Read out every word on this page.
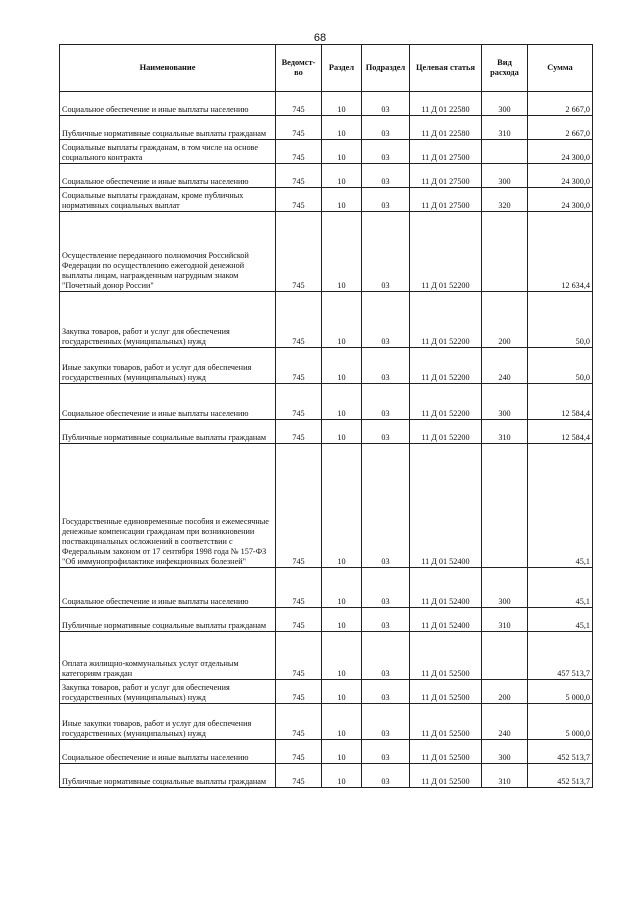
68
Наименование	Ведомст-во	Раздел	Подраздел	Целевая статья	Вид расхода	Сумма
Социальное обеспечение и иные выплаты населению	745	10	03	11 Д 01 22580	300	2 667,0
Публичные нормативные социальные выплаты гражданам	745	10	03	11 Д 01 22580	310	2 667,0
Социальные выплаты гражданам, в том числе на основе социального контракта	745	10	03	11 Д 01 27500		24 300,0
Социальное обеспечение и иные выплаты населению	745	10	03	11 Д 01 27500	300	24 300,0
Социальные выплаты гражданам, кроме публичных нормативных социальных выплат	745	10	03	11 Д 01 27500	320	24 300,0
Осуществление переданного полномочия Российской Федерации по осуществлению ежегодной денежной выплаты лицам, награжденным нагрудным знаком "Почетный донор России"	745	10	03	11 Д 01 52200		12 634,4
Закупка товаров, работ и услуг для обеспечения государственных (муниципальных) нужд	745	10	03	11 Д 01 52200	200	50,0
Иные закупки товаров, работ и услуг для обеспечения государственных (муниципальных) нужд	745	10	03	11 Д 01 52200	240	50,0
Социальное обеспечение и иные выплаты населению	745	10	03	11 Д 01 52200	300	12 584,4
Публичные нормативные социальные выплаты гражданам	745	10	03	11 Д 01 52200	310	12 584,4
Государственные единовременные пособия и ежемесячные денежные компенсации гражданам при возникновении поствакцинальных осложнений в соответствии с Федеральным законом от 17 сентября 1998 года № 157-ФЗ "Об иммунопрофилактике инфекционных болезней"	745	10	03	11 Д 01 52400		45,1
Социальное обеспечение и иные выплаты населению	745	10	03	11 Д 01 52400	300	45,1
Публичные нормативные социальные выплаты гражданам	745	10	03	11 Д 01 52400	310	45,1
Оплата жилищно-коммунальных услуг отдельным категориям граждан	745	10	03	11 Д 01 52500		457 513,7
Закупка товаров, работ и услуг для обеспечения государственных (муниципальных) нужд	745	10	03	11 Д 01 52500	200	5 000,0
Иные закупки товаров, работ и услуг для обеспечения государственных (муниципальных) нужд	745	10	03	11 Д 01 52500	240	5 000,0
Социальное обеспечение и иные выплаты населению	745	10	03	11 Д 01 52500	300	452 513,7
Публичные нормативные социальные выплаты гражданам	745	10	03	11 Д 01 52500	310	452 513,7
